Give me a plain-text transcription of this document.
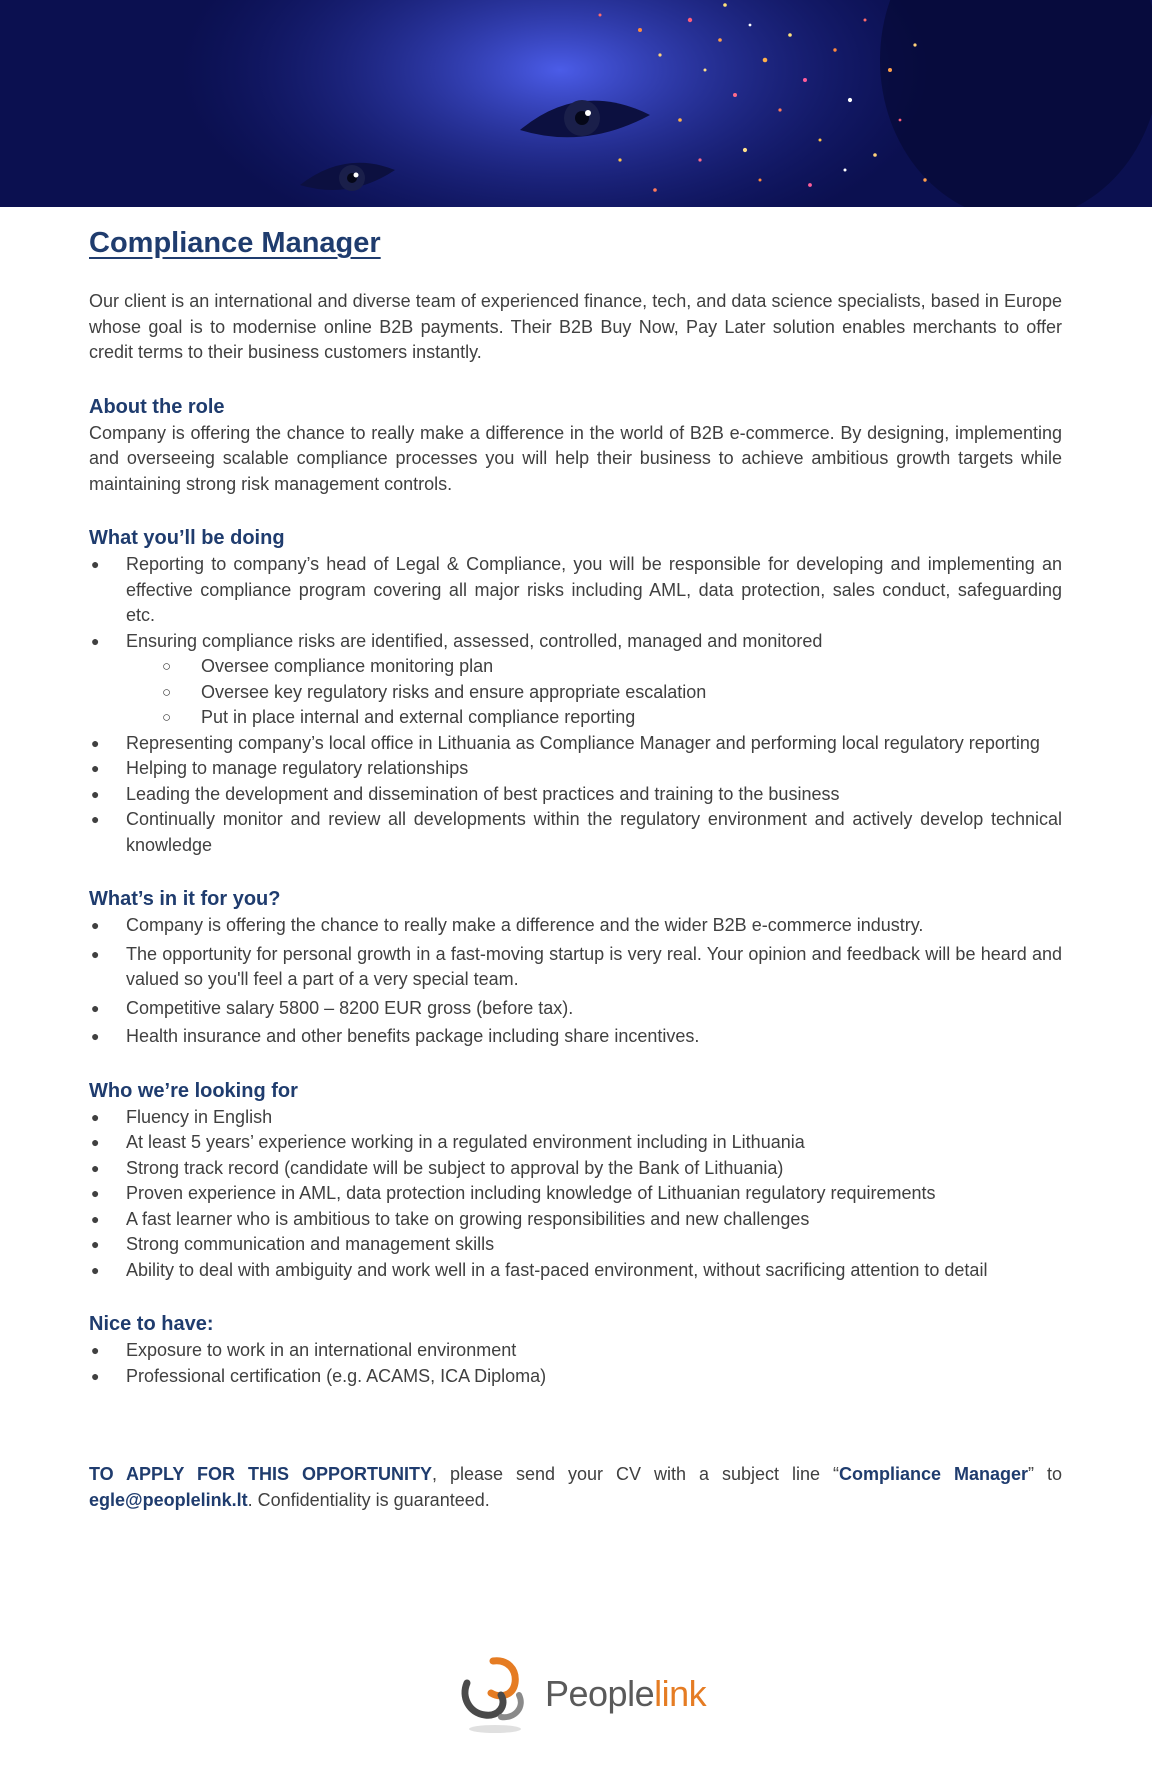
Compliance Manager

Our client is an international and diverse team of experienced finance, tech, and data science specialists, based in Europe whose goal is to modernise online B2B payments. Their B2B Buy Now, Pay Later solution enables merchants to offer credit terms to their business customers instantly.

About the role

Company is offering the chance to really make a difference in the world of B2B e-commerce. By designing, implementing and overseeing scalable compliance processes you will help their business to achieve ambitious growth targets while maintaining strong risk management controls.

What you’ll be doing
● Reporting to company’s head of Legal & Compliance, you will be responsible for developing and implementing an effective compliance program covering all major risks including AML, data protection, sales conduct, safeguarding etc.
● Ensuring compliance risks are identified, assessed, controlled, managed and monitored
○ Oversee compliance monitoring plan
○ Oversee key regulatory risks and ensure appropriate escalation
○ Put in place internal and external compliance reporting
● Representing company’s local office in Lithuania as Compliance Manager and performing local regulatory reporting
● Helping to manage regulatory relationships
● Leading the development and dissemination of best practices and training to the business
● Continually monitor and review all developments within the regulatory environment and actively develop technical knowledge
What’s in it for you?
● Company is offering the chance to really make a difference and the wider B2B e-commerce industry.
● The opportunity for personal growth in a fast-moving startup is very real. Your opinion and feedback will be heard and valued so you'll feel a part of a very special team.
● Competitive salary 5800 – 8200 EUR gross (before tax).
● Health insurance and other benefits package including share incentives.
Who we’re looking for
● Fluency in English
● At least 5 years’ experience working in a regulated environment including in Lithuania
● Strong track record (candidate will be subject to approval by the Bank of Lithuania)
● Proven experience in AML, data protection including knowledge of Lithuanian regulatory requirements
● A fast learner who is ambitious to take on growing responsibilities and new challenges
● Strong communication and management skills
● Ability to deal with ambiguity and work well in a fast-paced environment, without sacrificing attention to detail
Nice to have:
● Exposure to work in an international environment
● Professional certification (e.g. ACAMS, ICA Diploma)

TO APPLY FOR THIS OPPORTUNITY, please send your CV with a subject line “Compliance Manager” to egle@peoplelink.lt. Confidentiality is guaranteed.

Peoplelink
